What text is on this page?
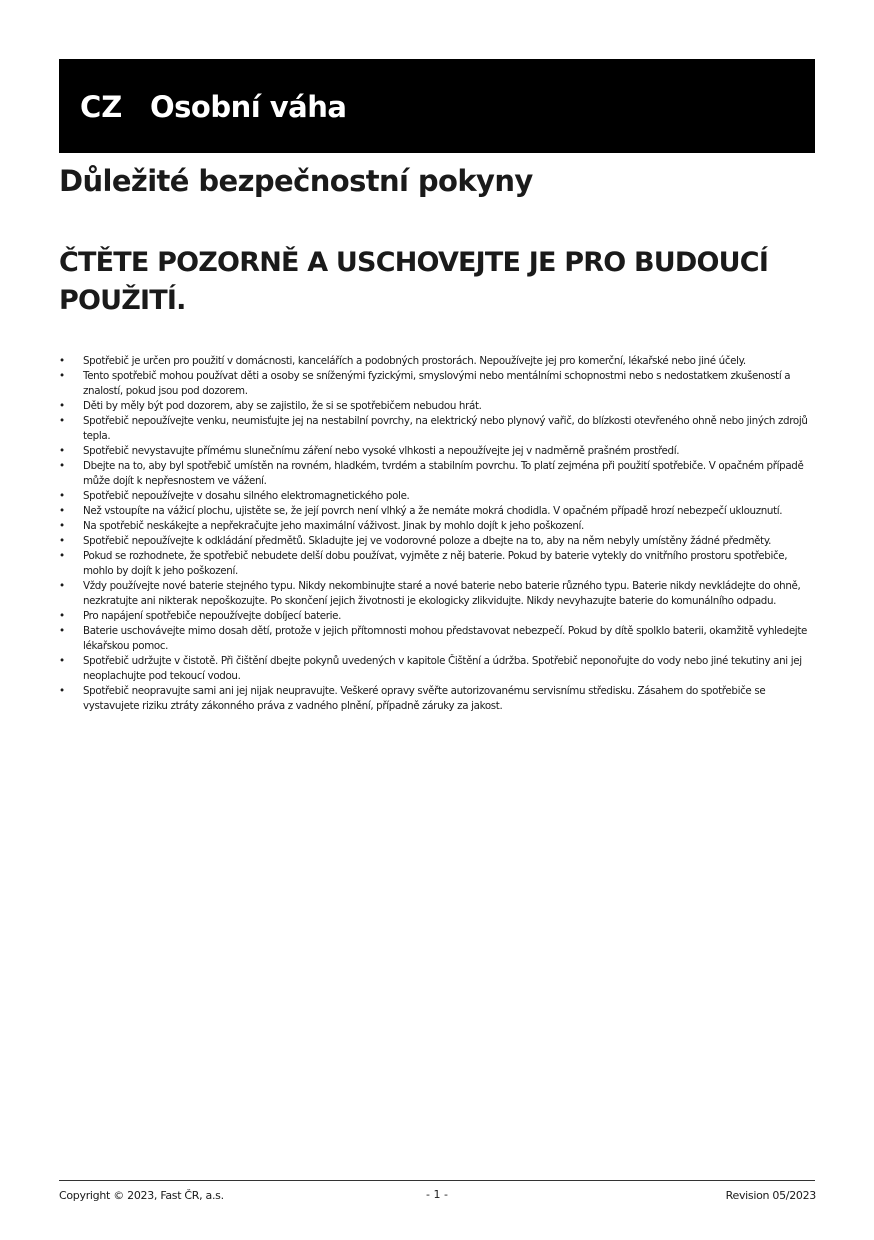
CZ Osobní váha
Důležité bezpečnostní pokyny
ČTĚTE POZORNĚ A USCHOVEJTE JE PRO BUDOUCÍ POUŽITÍ.
• Spotřebič je určen pro použití v domácnosti, kancelářích a podobných prostorách. Nepoužívejte jej pro komerční, lékařské nebo jiné účely.
• Tento spotřebič mohou používat děti a osoby se sníženými fyzickými, smyslovými nebo mentálními schopnostmi nebo s nedostatkem zkušeností a znalostí, pokud jsou pod dozorem.
• Děti by měly být pod dozorem, aby se zajistilo, že si se spotřebičem nebudou hrát.
• Spotřebič nepoužívejte venku, neumisťujte jej na nestabilní povrchy, na elektrický nebo plynový vařič, do blízkosti otevřeného ohně nebo jiných zdrojů tepla.
• Spotřebič nevystavujte přímému slunečnímu záření nebo vysoké vlhkosti a nepoužívejte jej v nadměrně prašném prostředí.
• Dbejte na to, aby byl spotřebič umístěn na rovném, hladkém, tvrdém a stabilním povrchu. To platí zejména při použití spotřebiče. V opačném případě může dojít k nepřesnostem ve vážení.
• Spotřebič nepoužívejte v dosahu silného elektromagnetického pole.
• Než vstoupíte na vážicí plochu, ujistěte se, že její povrch není vlhký a že nemáte mokrá chodidla. V opačném případě hrozí nebezpečí uklouznutí.
• Na spotřebič neskákejte a nepřekračujte jeho maximální váživost. Jinak by mohlo dojít k jeho poškození.
• Spotřebič nepoužívejte k odkládání předmětů. Skladujte jej ve vodorovné poloze a dbejte na to, aby na něm nebyly umístěny žádné předměty.
• Pokud se rozhodnete, že spotřebič nebudete delší dobu používat, vyjměte z něj baterie. Pokud by baterie vytekly do vnitřního prostoru spotřebiče, mohlo by dojít k jeho poškození.
• Vždy používejte nové baterie stejného typu. Nikdy nekombinujte staré a nové baterie nebo baterie různého typu. Baterie nikdy nevkládejte do ohně, nezkratujte ani nikterak nepoškozujte. Po skončení jejich životnosti je ekologicky zlikvidujte. Nikdy nevyhazujte baterie do komunálního odpadu.
• Pro napájení spotřebiče nepoužívejte dobíjecí baterie.
• Baterie uschovávejte mimo dosah dětí, protože v jejich přítomnosti mohou představovat nebezpečí. Pokud by dítě spolklo baterii, okamžitě vyhledejte lékařskou pomoc.
• Spotřebič udržujte v čistotě. Při čištění dbejte pokynů uvedených v kapitole Čištění a údržba. Spotřebič neponořujte do vody nebo jiné tekutiny ani jej neoplachujte pod tekoucí vodou.
• Spotřebič neopravujte sami ani jej nijak neupravujte. Veškeré opravy svěřte autorizovanému servisnímu středisku. Zásahem do spotřebiče se vystavujete riziku ztráty zákonného práva z vadného plnění, případně záruky za jakost.
Copyright © 2023, Fast ČR, a.s.	- 1 -	Revision 05/2023
